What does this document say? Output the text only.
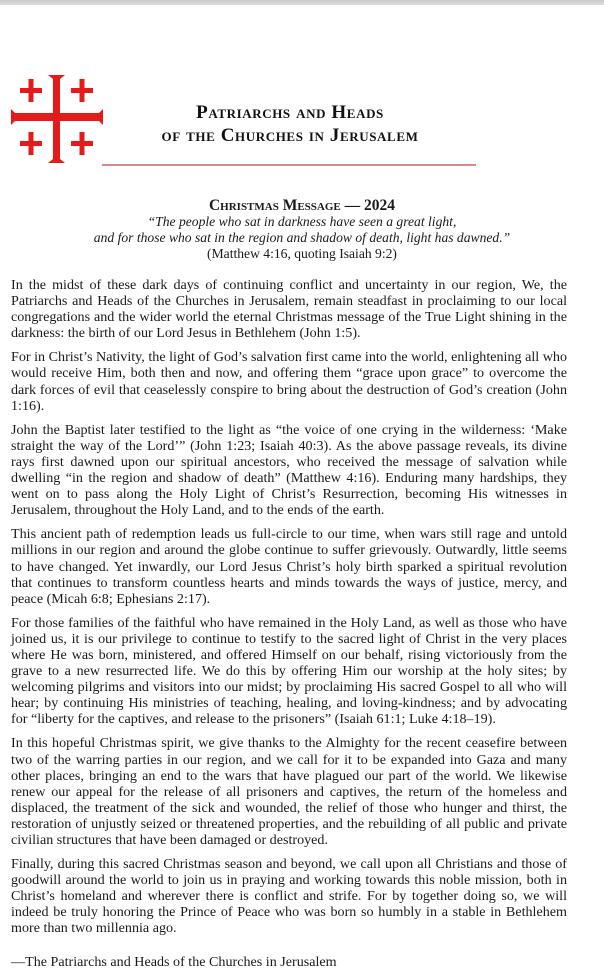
Patriarchs and Heads
of the Churches in Jerusalem
Christmas Message — 2024
“The people who sat in darkness have seen a great light,
and for those who sat in the region and shadow of death, light has dawned.”
(Matthew 4:16, quoting Isaiah 9:2)

In the midst of these dark days of continuing conflict and uncertainty in our region, We, the Patriarchs and Heads of the Churches in Jerusalem, remain steadfast in proclaiming to our local congregations and the wider world the eternal Christmas message of the True Light shining in the darkness: the birth of our Lord Jesus in Bethlehem (John 1:5).

For in Christ’s Nativity, the light of God’s salvation first came into the world, enlightening all who would receive Him, both then and now, and offering them “grace upon grace” to overcome the dark forces of evil that ceaselessly conspire to bring about the destruction of God’s creation (John 1:16).

John the Baptist later testified to the light as “the voice of one crying in the wilderness: ‘Make straight the way of the Lord’” (John 1:23; Isaiah 40:3). As the above passage reveals, its divine rays first dawned upon our spiritual ancestors, who received the message of salvation while dwelling “in the region and shadow of death” (Matthew 4:16). Enduring many hardships, they went on to pass along the Holy Light of Christ’s Resurrection, becoming His witnesses in Jerusalem, throughout the Holy Land, and to the ends of the earth.

This ancient path of redemption leads us full-circle to our time, when wars still rage and untold millions in our region and around the globe continue to suffer grievously. Outwardly, little seems to have changed. Yet inwardly, our Lord Jesus Christ’s holy birth sparked a spiritual revolution that continues to transform countless hearts and minds towards the ways of justice, mercy, and peace (Micah 6:8; Ephesians 2:17).

For those families of the faithful who have remained in the Holy Land, as well as those who have joined us, it is our privilege to continue to testify to the sacred light of Christ in the very places where He was born, ministered, and offered Himself on our behalf, rising victoriously from the grave to a new resurrected life. We do this by offering Him our worship at the holy sites; by welcoming pilgrims and visitors into our midst; by proclaiming His sacred Gospel to all who will hear; by continuing His ministries of teaching, healing, and loving-kindness; and by advocating for “liberty for the captives, and release to the prisoners” (Isaiah 61:1; Luke 4:18–19).

In this hopeful Christmas spirit, we give thanks to the Almighty for the recent ceasefire between two of the warring parties in our region, and we call for it to be expanded into Gaza and many other places, bringing an end to the wars that have plagued our part of the world. We likewise renew our appeal for the release of all prisoners and captives, the return of the homeless and displaced, the treatment of the sick and wounded, the relief of those who hunger and thirst, the restoration of unjustly seized or threatened properties, and the rebuilding of all public and private civilian structures that have been damaged or destroyed.

Finally, during this sacred Christmas season and beyond, we call upon all Christians and those of goodwill around the world to join us in praying and working towards this noble mission, both in Christ’s homeland and wherever there is conflict and strife. For by together doing so, we will indeed be truly honoring the Prince of Peace who was born so humbly in a stable in Bethlehem more than two millennia ago.

—The Patriarchs and Heads of the Churches in Jerusalem
